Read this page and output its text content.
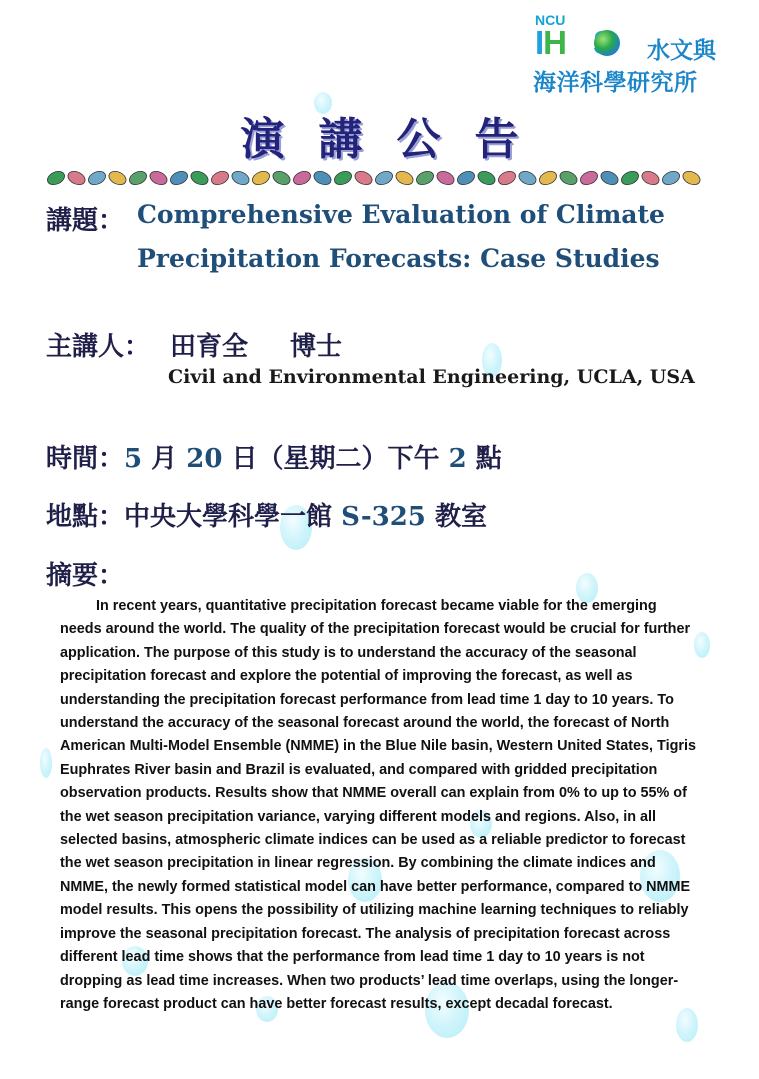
NCU
IH	水文與
海洋科學研究所
演講公告
講題： Comprehensive Evaluation of Climate
Precipitation Forecasts: Case Studies
主講人： 田育全 博士
Civil and Environmental Engineering, UCLA, USA
時間：5 月 20 日（星期二）下午 2 點
地點：中央大學科學一館 S-325 教室
摘要：

In recent years, quantitative precipitation forecast became viable for the emerging needs around the world. The quality of the precipitation forecast would be crucial for further application. The purpose of this study is to understand the accuracy of the seasonal precipitation forecast and explore the potential of improving the forecast, as well as understanding the precipitation forecast performance from lead time 1 day to 10 years. To understand the accuracy of the seasonal forecast around the world, the forecast of North American Multi-Model Ensemble (NMME) in the Blue Nile basin, Western United States, Tigris Euphrates River basin and Brazil is evaluated, and compared with gridded precipitation observation products. Results show that NMME overall can explain from 0% to up to 55% of the wet season precipitation variance, varying different models and regions. Also, in all selected basins, atmospheric climate indices can be used as a reliable predictor to forecast the wet season precipitation in linear regression. By combining the climate indices and NMME, the newly formed statistical model can have better performance, compared to NMME model results. This opens the possibility of utilizing machine learning techniques to reliably improve the seasonal precipitation forecast. The analysis of precipitation forecast across different lead time shows that the performance from lead time 1 day to 10 years is not dropping as lead time increases. When two products’ lead time overlaps, using the longer-range forecast product can have better forecast results, except decadal forecast.
